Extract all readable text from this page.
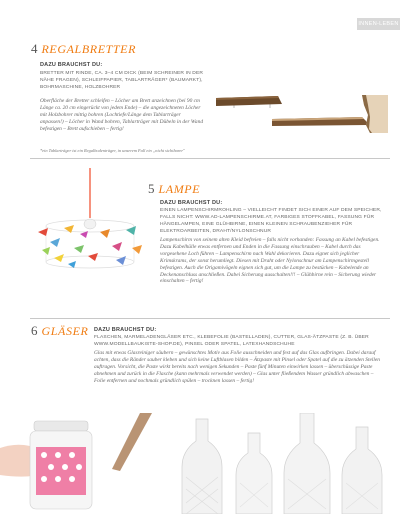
INNEN-LEBEN
4 REGALBRETTER
DAZU BRAUCHST DU:
BRETTER MIT RINDE, CA. 3–4 CM DICK (BEIM SCHREINER IN DER NÄHE FRAGEN), SCHLEIFPAPIER, TABLARTRÄGER* (BAUMARKT), BOHRMASCHINE, HOLZBOHRER
Oberfläche der Bretter schleifen – Löcher am Brett anzeichnen (bei 90 cm Länge ca. 20 cm eingerückt von jedem Ende) – die angezeichneten Löcher mit Holzbohrer mittig bohren (Lochtiefe/Länge dem Tablarträger anpassen!) – Löcher in Wand bohren, Tablarträger mit Dübeln in der Wand befestigen – Brett aufschieben – fertig!
*ein Tablarträger ist ein Regalbodenträger, in unserem Fall ein „nicht sichtbarer"
5 LAMPE
DAZU BRAUCHST DU:
EINEN LAMPENSCHIRMROHLING – VIELLEICHT FINDET SICH EINER AUF DEM SPEICHER, FALLS NICHT: WWW.AD-LAMPENSCHIRME.AT, FARBIGES STOFFKABEL, FASSUNG FÜR HÄNGELAMPEN, EINE GLÜHBIRNE, EINEN KLEINEN SCHRAUBENZIEHER FÜR ELEKTROARBEITEN, DRAHT/NYLONSCHNUR
Lampenschirm von seinem alten Kleid befreien – falls nicht vorhanden: Fassung an Kabel befestigen. Dazu Kabelhülle etwas entfernen und Enden in die Fassung einschrauben – Kabel durch das vorgesehene Loch führen – Lampenschirm nach Wahl dekorieren. Dazu eignet sich jeglicher Krimskrams, der sonst herumliegt. Diesen mit Draht oder Nylonschnur am Lampenschirmgestell befestigen. Auch die Origamivögeln eignen sich gut, um die Lampe zu bestücken – Kabelende an Deckenanschluss anschließen. Dabei Sicherung ausschalten!!! – Glühbirne rein – Sicherung wieder einschalten – fertig!
6 GLÄSER DAZU BRAUCHST DU:
FLASCHEN, MARMELADENGLÄSER ETC., KLEBEFOLIE (BASTELLADEN), CUTTER, GLAS-ÄTZPASTE (Z. B. ÜBER WWW.MODELLBAUKISTE-SHOP.DE), PINSEL ODER SPATEL, LATEXHANDSCHUHE
Glas mit etwas Glasreiniger säubern – gewünschtes Motiv aus Folie ausschneiden und fest auf das Glas aufbringen. Dabei darauf achten, dass die Ränder sauber kleben und sich keine Luftblasen bilden – Ätzpaste mit Pinsel oder Spatel auf die zu ätzenden Stellen auftragen. Vorsicht, die Paste wirkt bereits nach wenigen Sekunden – Paste fünf Minuten einwirken lassen – überschüssige Paste abnehmen und zurück in die Flasche (kann mehrmals verwendet werden) – Glas unter fließendem Wasser gründlich abwaschen – Folie entfernen und nochmals gründlich spülen – trocknen lassen – fertig!
